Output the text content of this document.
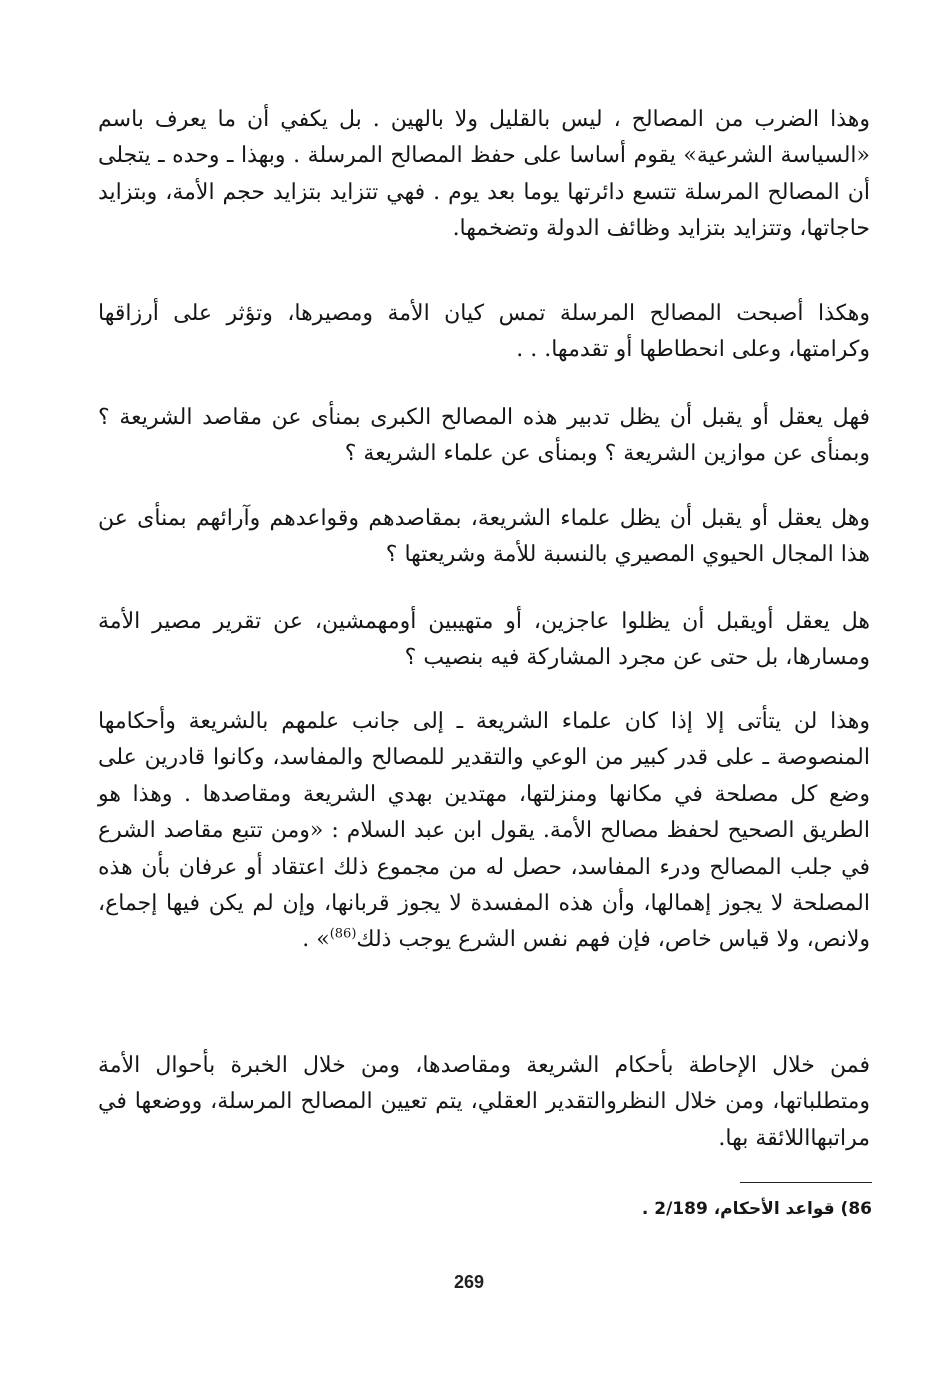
وهذا الضرب من المصالح ، ليس بالقليل ولا بالهين . بل يكفي أن ما يعرف باسم «السياسة الشرعية» يقوم أساسا على حفظ المصالح المرسلة . وبهذا ـ وحده ـ يتجلى أن المصالح المرسلة تتسع دائرتها يوما بعد يوم . فهي تتزايد بتزايد حجم الأمة، وبتزايد حاجاتها، وتتزايد بتزايد وظائف الدولة وتضخمها.

وهكذا أصبحت المصالح المرسلة تمس كيان الأمة ومصيرها، وتؤثر على أرزاقها وكرامتها، وعلى انحطاطها أو تقدمها. . .

فهل يعقل أو يقبل أن يظل تدبير هذه المصالح الكبرى بمنأى عن مقاصد الشريعة ؟ وبمنأى عن موازين الشريعة ؟ وبمنأى عن علماء الشريعة ؟

وهل يعقل أو يقبل أن يظل علماء الشريعة، بمقاصدهم وقواعدهم وآرائهم بمنأى عن هذا المجال الحيوي المصيري بالنسبة للأمة وشريعتها ؟

هل يعقل أويقبل أن يظلوا عاجزين، أو متهيبين أومهمشين، عن تقرير مصير الأمة ومسارها، بل حتى عن مجرد المشاركة فيه بنصيب ؟

وهذا لن يتأتى إلا إذا كان علماء الشريعة ـ إلى جانب علمهم بالشريعة وأحكامها المنصوصة ـ على قدر كبير من الوعي والتقدير للمصالح والمفاسد، وكانوا قادرين على وضع كل مصلحة في مكانها ومنزلتها، مهتدين بهدي الشريعة ومقاصدها . وهذا هو الطريق الصحيح لحفظ مصالح الأمة. يقول ابن عبد السلام : «ومن تتبع مقاصد الشرع في جلب المصالح ودرء المفاسد، حصل له من مجموع ذلك اعتقاد أو عرفان بأن هذه المصلحة لا يجوز إهمالها، وأن هذه المفسدة لا يجوز قربانها، وإن لم يكن فيها إجماع، ولانص، ولا قياس خاص، فإن فهم نفس الشرع يوجب ذلك$^{(86)}$» .

فمن خلال الإحاطة بأحكام الشريعة ومقاصدها، ومن خلال الخبرة بأحوال الأمة ومتطلباتها، ومن خلال النظروالتقدير العقلي، يتم تعيين المصالح المرسلة، ووضعها في مراتبهااللائقة بها.

86) قواعد الأحكام، 2/189 .

269
